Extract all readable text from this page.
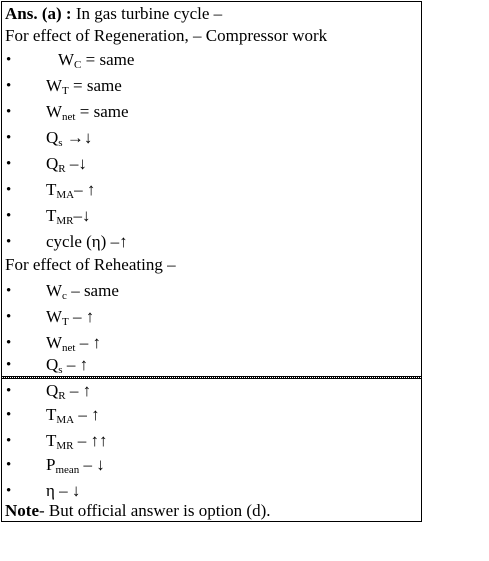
Ans. (a) : In gas turbine cycle –
For effect of Regeneration, – Compressor work
•	$W_C$ = same
• $W_T$ = same
• $W_{net}$ = same
• $Q_s$ →↓
• $Q_R$ –↓
• $T_{MA}-$ ↑
• $T_{MR}-↓$
• cycle (η) –↑
For effect of Reheating –
• $W_c$ – same
• $W_T$ – ↑
• $W_{net}$ – ↑
• $Q_s$ – ↑
• $Q_R$ – ↑
• $T_{MA}$ – ↑
• $T_{MR}$ – ↑↑
• $P_{mean}$ – ↓
• η – ↓
Note- But official answer is option (d).
